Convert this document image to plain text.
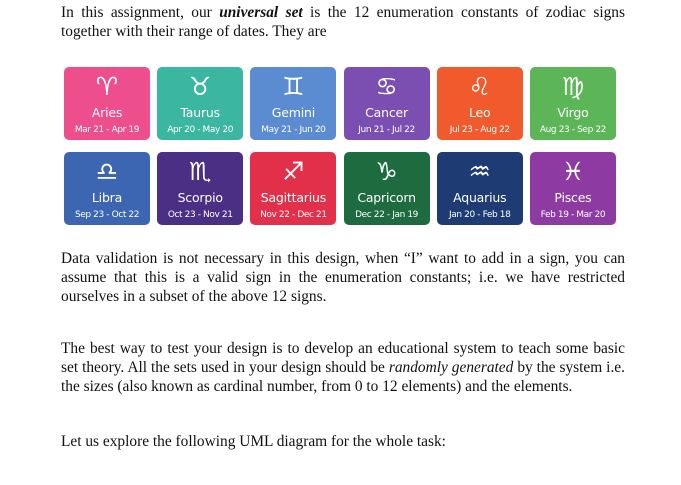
In this assignment, our universal set is the 12 enumeration constants of zodiac signs together with their range of dates. They are

♈︎
Aries
Mar 21 - Apr 19
♉︎
Taurus
Apr 20 - May 20
♊︎
Gemini
May 21 - Jun 20
♋︎
Cancer
Jun 21 - Jul 22
♌︎
Leo
Jul 23 - Aug 22
♍︎
Virgo
Aug 23 - Sep 22
♎︎
Libra
Sep 23 - Oct 22
♏︎
Scorpio
Oct 23 - Nov 21
♐︎
Sagittarius
Nov 22 - Dec 21
♑︎
Capricorn
Dec 22 - Jan 19
♒︎
Aquarius
Jan 20 - Feb 18
♓︎
Pisces
Feb 19 - Mar 20

Data validation is not necessary in this design, when “I” want to add in a sign, you can assume that this is a valid sign in the enumeration constants; i.e. we have restricted ourselves in a subset of the above 12 signs.

The best way to test your design is to develop an educational system to teach some basic set theory. All the sets used in your design should be randomly generated by the system i.e. the sizes (also known as cardinal number, from 0 to 12 elements) and the elements.

Let us explore the following UML diagram for the whole task:
